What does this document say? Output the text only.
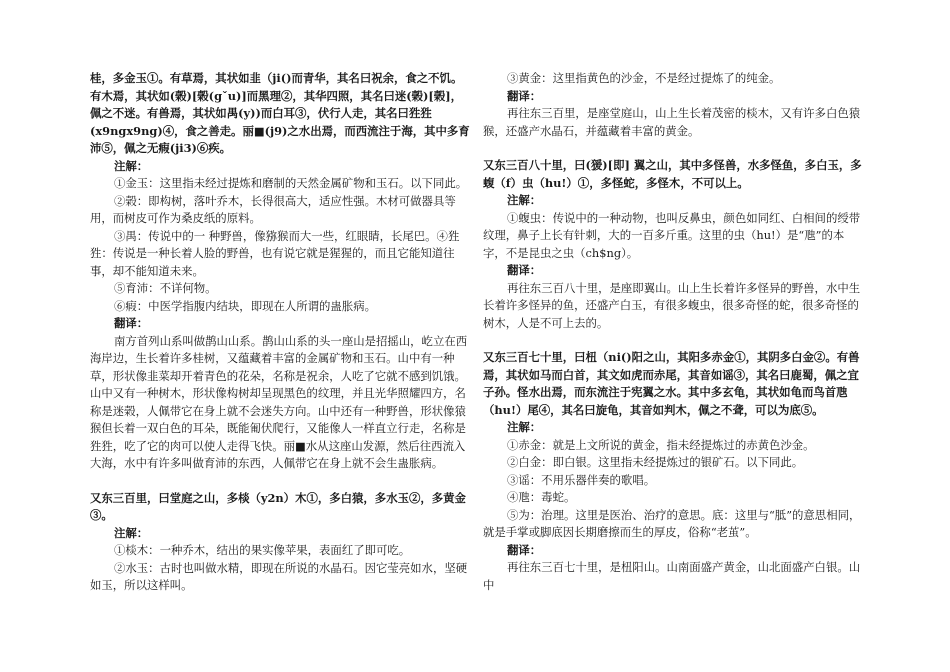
桂，多金玉①。有草焉，其状如韭（ji()而青华，其名曰祝余，食之不饥。有木焉，其状如(榖)[榖(gˇu)]而黑理②，其华四照，其名曰迷(榖)[榖]，佩之不迷。有兽焉，其状如禺(y))而白耳③，伏行人走，其名曰狌狌(x9ngx9ng)④，食之善走。丽■(j9)之水出焉，而西流注于海，其中多育沛⑤，佩之无瘕(ji3)⑥疾。

注解：

①金玉：这里指未经过提炼和磨制的天然金属矿物和玉石。以下同此。

②榖：即构树，落叶乔木，长得很高大，适应性强。木材可做器具等用，而树皮可作为桑皮纸的原料。

③禺：传说中的一 种野兽，像猕猴而大一些，红眼睛，长尾巴。④狌狌：传说是一种长着人脸的野兽，也有说它就是猩猩的，而且它能知道往事，却不能知道未来。

⑤育沛：不详何物。

⑥瘕：中医学指腹内结块，即现在人所谓的蛊胀病。

翻译：

南方首列山系叫做鹊山山系。鹊山山系的头一座山是招摇山，屹立在西海岸边，生长着许多桂树，又蕴藏着丰富的金属矿物和玉石。山中有一种草，形状像韭菜却开着青色的花朵，名称是祝余，人吃了它就不感到饥饿。山中又有一种树木，形状像构树却呈现黑色的纹理，并且光华照耀四方，名称是迷榖，人佩带它在身上就不会迷失方向。山中还有一种野兽，形状像猿猴但长着一双白色的耳朵，既能匍伏爬行，又能像人一样直立行走，名称是狌狌，吃了它的肉可以使人走得飞快。丽■水从这座山发源，然后往西流入大海，水中有许多叫做育沛的东西，人佩带它在身上就不会生蛊胀病。

又东三百里，曰堂庭之山，多棪（y2n）木①，多白猿，多水玉②，多黄金③。

注解：

①棪木：一种乔木，结出的果实像苹果，表面红了即可吃。

②水玉：古时也叫做水精，即现在所说的水晶石。因它莹亮如水，坚硬如玉，所以这样叫。

③黄金：这里指黄色的沙金，不是经过提炼了的纯金。

翻译：

再往东三百里，是座堂庭山，山上生长着茂密的棪木，又有许多白色猿猴，还盛产水晶石，并蕴藏着丰富的黄金。

又东三百八十里，曰(猨)[即] 翼之山，其中多怪兽，水多怪鱼，多白玉，多蝮（f）虫（hu!）①，多怪蛇，多怪木，不可以上。

注解：

①蝮虫：传说中的一种动物，也叫反鼻虫，颜色如同红、白相间的绶带纹理，鼻子上长有针刺，大的一百多斤重。这里的虫（hu!）是“虺”的本字，不是昆虫之虫（ch$ng）。

翻译：

再往东三百八十里，是座即翼山。山上生长着许多怪异的野兽，水中生长着许多怪异的鱼，还盛产白玉，有很多蝮虫，很多奇怪的蛇，很多奇怪的树木，人是不可上去的。

又东三百七十里，曰杻（ni()阳之山，其阳多赤金①，其阴多白金②。有兽焉，其状如马而白首，其文如虎而赤尾，其音如谣③，其名曰鹿蜀，佩之宜子孙。怪水出焉，而东流注于宪翼之水。其中多玄龟，其状如龟而鸟首虺（hu!）尾④，其名曰旋龟，其音如判木，佩之不聋，可以为底⑤。

注解：

①赤金：就是上文所说的黄金，指未经提炼过的赤黄色沙金。

②白金：即白银。这里指未经提炼过的银矿石。以下同此。

③谣：不用乐器伴奏的歌唱。

④虺：毒蛇。

⑤为：治理。这里是医治、治疗的意思。底：这里与“胝”的意思相同，就是手掌或脚底因长期磨擦而生的厚皮，俗称“老茧”。

翻译：

再往东三百七十里，是杻阳山。山南面盛产黄金，山北面盛产白银。山中
